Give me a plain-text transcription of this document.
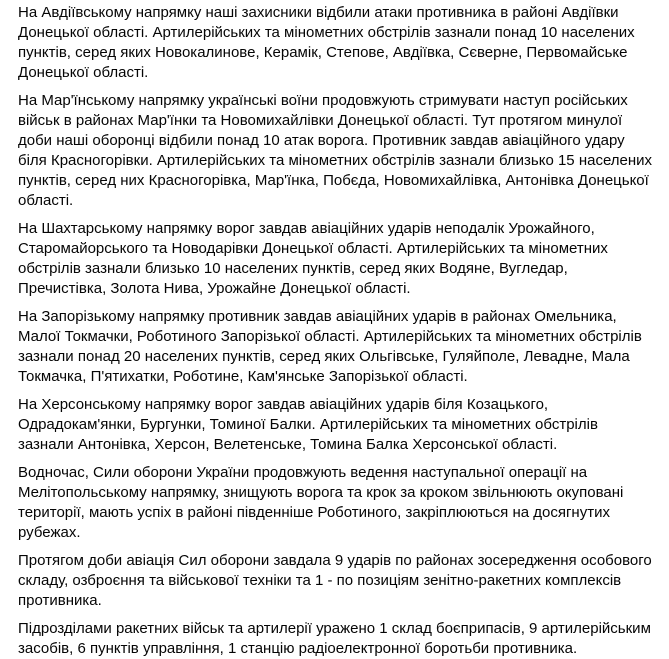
На Авдіївському напрямку наші захисники відбили атаки противника в районі Авдіївки Донецької області. Артилерійських та мінометних обстрілів зазнали понад 10 населених пунктів, серед яких Новокалинове, Керамік, Степове, Авдіївка, Сєверне, Первомайське Донецької області.

На Мар'їнському напрямку українські воїни продовжують стримувати наступ російських військ в районах Мар'їнки та Новомихайлівки Донецької області. Тут протягом минулої доби наші оборонці відбили понад 10 атак ворога. Противник завдав авіаційного удару біля Красногорівки. Артилерійських та мінометних обстрілів зазнали близько 15 населених пунктів, серед них Красногорівка, Мар'їнка, Побєда, Новомихайлівка, Антонівка Донецької області.

На Шахтарському напрямку ворог завдав авіаційних ударів неподалік Урожайного, Старомайорського та Новодарівки Донецької області. Артилерійських та мінометних обстрілів зазнали близько 10 населених пунктів, серед яких Водяне, Вугледар, Пречистівка, Золота Нива, Урожайне Донецької області.

На Запорізькому напрямку противник завдав авіаційних ударів в районах Омельника, Малої Токмачки, Роботиного Запорізької області. Артилерійських та мінометних обстрілів зазнали понад 20 населених пунктів, серед яких Ольгівське, Гуляйполе, Левадне, Мала Токмачка, П'ятихатки, Роботине, Кам'янське Запорізької області.

На Херсонському напрямку ворог завдав авіаційних ударів біля Козацького, Одрадокам'янки, Бургунки, Томиної Балки. Артилерійських та мінометних обстрілів зазнали Антонівка, Херсон, Велетенське, Томина Балка Херсонської області.

Водночас, Сили оборони України продовжують ведення наступальної операції на Мелітопольському напрямку, знищують ворога та крок за кроком звільнюють окуповані території, мають успіх в районі південніше Роботиного, закріплюються на досягнутих рубежах.

Протягом доби авіація Сил оборони завдала 9 ударів по районах зосередження особового складу, озброєння та військової техніки та 1 - по позиціям зенітно-ракетних комплексів противника.

Підрозділами ракетних військ та артилерії уражено 1 склад боєприпасів, 9 артилерійським засобів, 6 пунктів управління, 1 станцію радіоелектронної боротьби противника.
